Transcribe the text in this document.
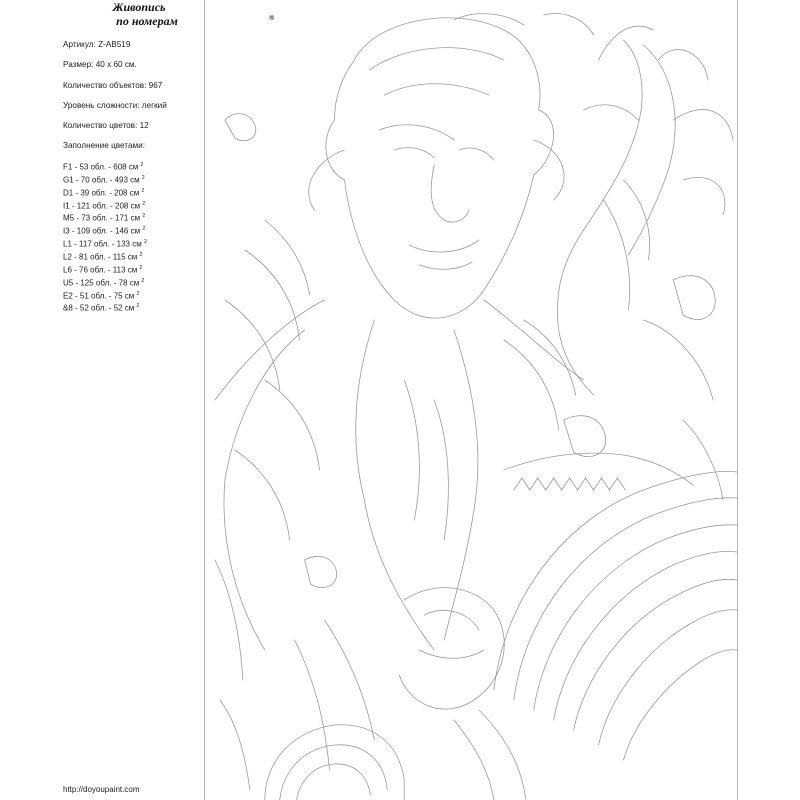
Живопись
по номерам	®
Артикул: Z-AB519
Размер: 40 х 60 см.
Количество объектов: 967
Уровень сложности: легкий
Количество цветов: 12
Заполнение цветами:
F1 - 53 обл. - 608 см $^2$
G1 - 70 обл. - 493 см $^2$
D1 - 39 обл. - 208 см $^2$
I1 - 121 обл. - 208 см $^2$
M5 - 73 обл. - 171 см $^2$
I3 - 109 обл. - 146 см $^2$
L1 - 117 обл. - 133 см $^2$
L2 - 81 обл. - 115 см $^2$
L6 - 76 обл. - 113 см $^2$
U5 - 125 обл. - 78 см $^2$
E2 - 51 обл. - 75 см $^2$
&8 - 52 обл. - 52 см $^2$
http://doyoupaint.com
